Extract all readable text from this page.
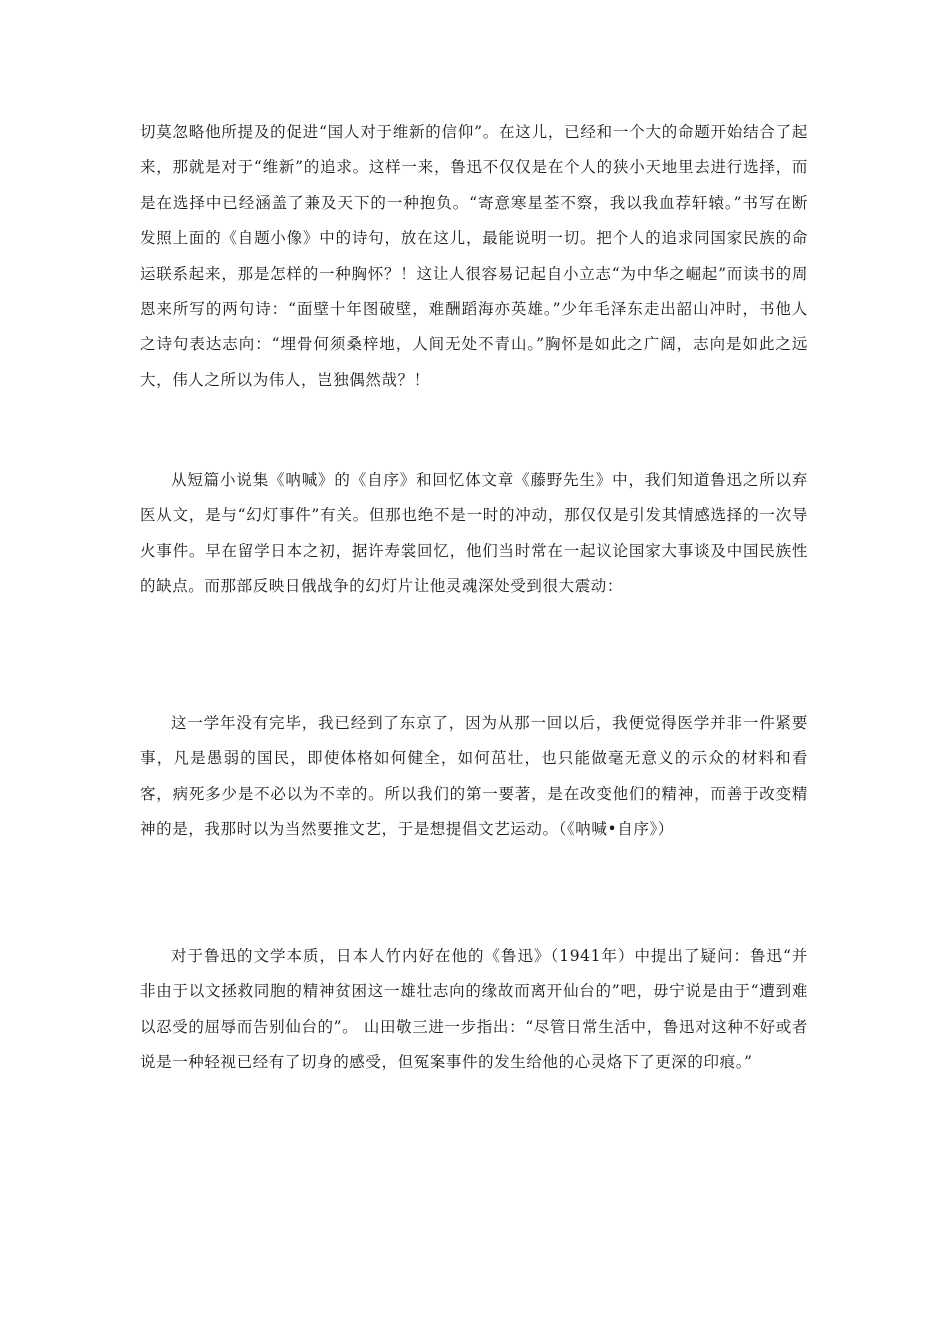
切莫忽略他所提及的促进“国人对于维新的信仰”。在这儿，已经和一个大的命题开始结合了起来，那就是对于“维新”的追求。这样一来，鲁迅不仅仅是在个人的狭小天地里去进行选择，而是在选择中已经涵盖了兼及天下的一种抱负。“寄意寒星荃不察，我以我血荐轩辕。”书写在断发照上面的《自题小像》中的诗句，放在这儿，最能说明一切。把个人的追求同国家民族的命运联系起来，那是怎样的一种胸怀？！这让人很容易记起自小立志“为中华之崛起”而读书的周恩来所写的两句诗：“面壁十年图破壁，难酬蹈海亦英雄。”少年毛泽东走出韶山冲时，书他人之诗句表达志向：“埋骨何须桑梓地，人间无处不青山。”胸怀是如此之广阔，志向是如此之远大，伟人之所以为伟人，岂独偶然哉？！

从短篇小说集《呐喊》的《自序》和回忆体文章《藤野先生》中，我们知道鲁迅之所以弃医从文，是与“幻灯事件”有关。但那也绝不是一时的冲动，那仅仅是引发其情感选择的一次导火事件。早在留学日本之初，据许寿裳回忆，他们当时常在一起议论国家大事谈及中国民族性的缺点。而那部反映日俄战争的幻灯片让他灵魂深处受到很大震动：

这一学年没有完毕，我已经到了东京了，因为从那一回以后，我便觉得医学并非一件紧要事，凡是愚弱的国民，即使体格如何健全，如何茁壮，也只能做毫无意义的示众的材料和看客，病死多少是不必以为不幸的。所以我们的第一要著，是在改变他们的精神，而善于改变精神的是，我那时以为当然要推文艺，于是想提倡文艺运动。（《呐喊•自序》）

对于鲁迅的文学本质，日本人竹内好在他的《鲁迅》（1941年）中提出了疑问：鲁迅“并非由于以文拯救同胞的精神贫困这一雄壮志向的缘故而离开仙台的”吧，毋宁说是由于“遭到难以忍受的屈辱而告别仙台的”。 山田敬三进一步指出：“尽管日常生活中，鲁迅对这种不好或者说是一种轻视已经有了切身的感受，但冤案事件的发生给他的心灵烙下了更深的印痕。”
